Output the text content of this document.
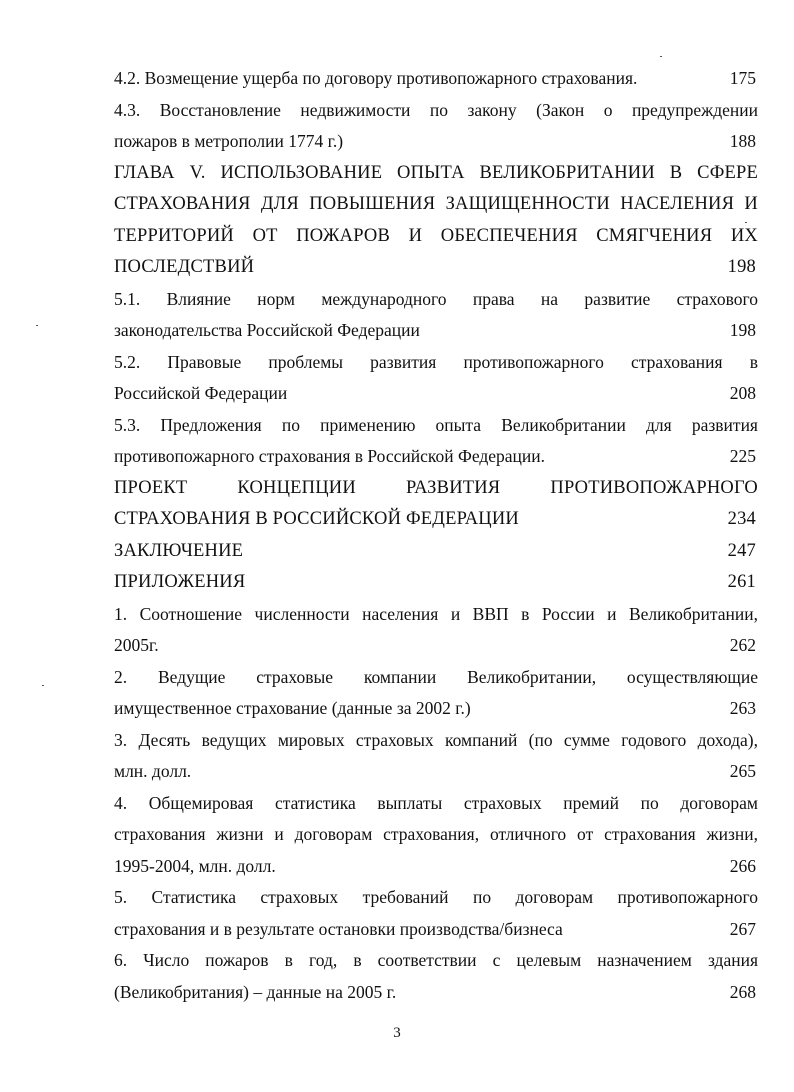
4.2. Возмещение ущерба по договору противопожарного страхования.	175

4.3. Восстановление недвижимости по закону (Закон о предупреждении
пожаров в метрополии 1774 г.)	188

ГЛАВА V. ИСПОЛЬЗОВАНИЕ ОПЫТА ВЕЛИКОБРИТАНИИ В СФЕРЕ
СТРАХОВАНИЯ ДЛЯ ПОВЫШЕНИЯ ЗАЩИЩЕННОСТИ НАСЕЛЕНИЯ И
ТЕРРИТОРИЙ ОТ ПОЖАРОВ И ОБЕСПЕЧЕНИЯ СМЯГЧЕНИЯ ИХ
ПОСЛЕДСТВИЙ	198

5.1. Влияние норм международного права на развитие страхового
законодательства Российской Федерации	198

5.2. Правовые проблемы развития противопожарного страхования в
Российской Федерации	208

5.3. Предложения по применению опыта Великобритании для развития
противопожарного страхования в Российской Федерации.	225

ПРОЕКТ КОНЦЕПЦИИ РАЗВИТИЯ ПРОТИВОПОЖАРНОГО
СТРАХОВАНИЯ В РОССИЙСКОЙ ФЕДЕРАЦИИ	234

ЗАКЛЮЧЕНИЕ	247

ПРИЛОЖЕНИЯ	261

1. Соотношение численности населения и ВВП в России и Великобритании,
2005г.	262

2. Ведущие страховые компании Великобритании, осуществляющие
имущественное страхование (данные за 2002 г.)	263

3. Десять ведущих мировых страховых компаний (по сумме годового дохода),
млн. долл.	265

4. Общемировая статистика выплаты страховых премий по договорам
страхования жизни и договорам страхования, отличного от страхования жизни,
1995-2004, млн. долл.	266

5. Статистика страховых требований по договорам противопожарного
страхования и в результате остановки производства/бизнеса	267

6. Число пожаров в год, в соответствии с целевым назначением здания
(Великобритания) – данные на 2005 г.	268

3
